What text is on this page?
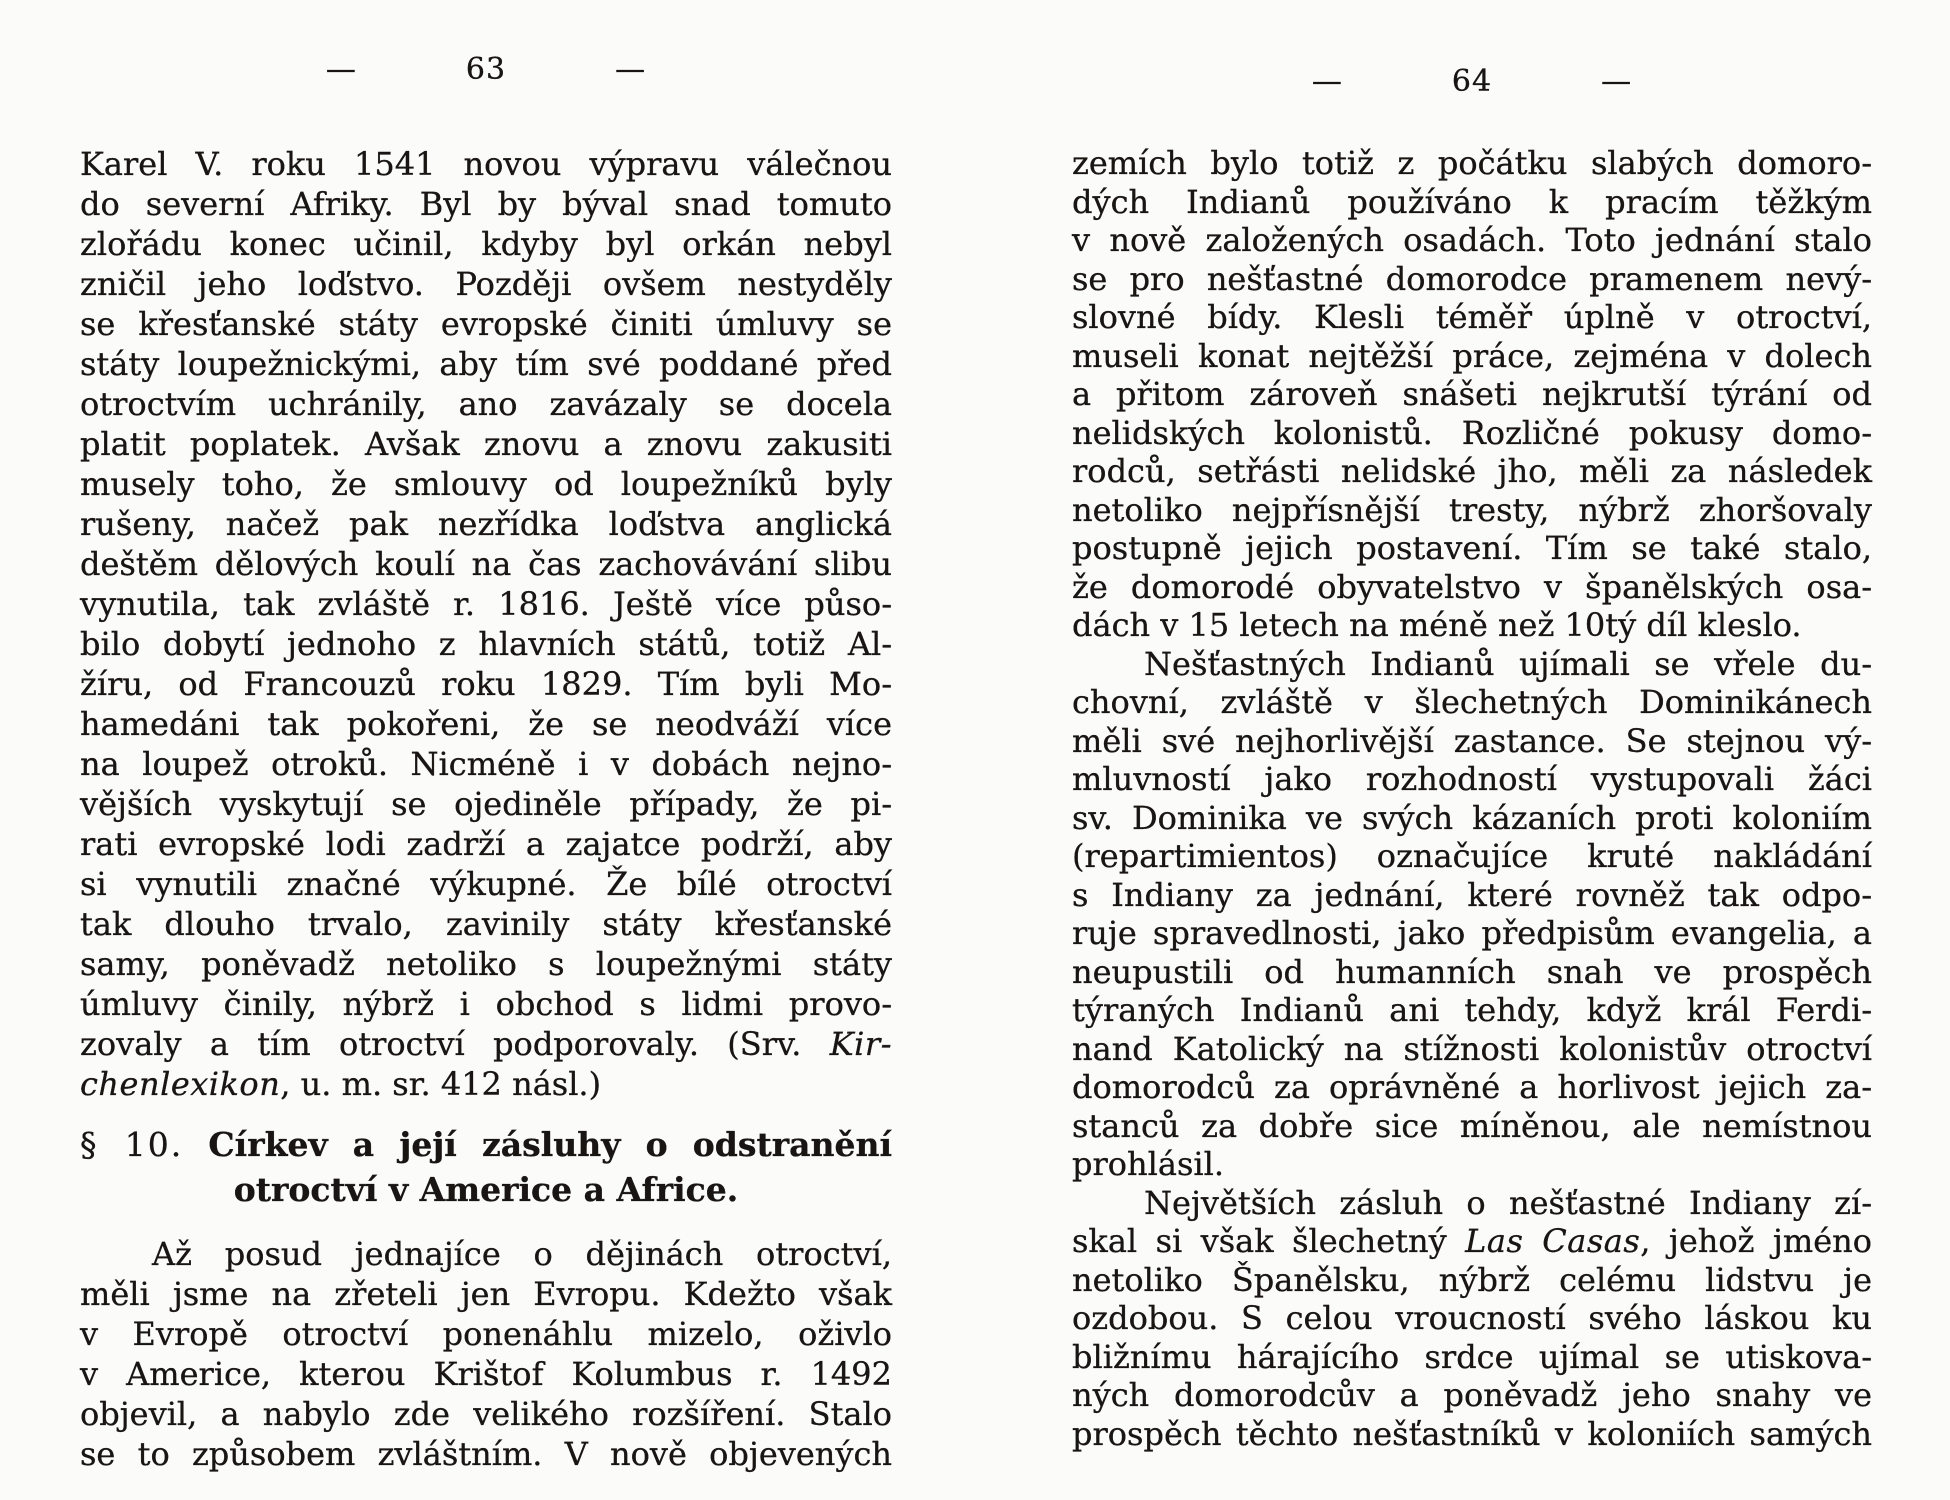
—  63  —
Karel V. roku 1541 novou výpravu válečnou
do severní Afriky. Byl by býval snad tomuto
zlořádu konec učinil, kdyby byl orkán nebyl
zničil jeho loďstvo. Později ovšem nestyděly
se křesťanské státy evropské činiti úmluvy se
státy loupežnickými, aby tím své poddané před
otroctvím uchránily, ano zavázaly se docela
platit poplatek. Avšak znovu a znovu zakusiti
musely toho, že smlouvy od loupežníků byly
rušeny, načež pak nezřídka loďstva anglická
deštěm dělových koulí na čas zachovávání slibu
vynutila, tak zvláště r. 1816. Ještě více půso-
bilo dobytí jednoho z hlavních států, totiž Al-
žíru, od Francouzů roku 1829. Tím byli Mo-
hamedáni tak pokořeni, že se neodváží více
na loupež otroků. Nicméně i v dobách nejno-
vějších vyskytují se ojediněle případy, že pi-
rati evropské lodi zadrží a zajatce podrží, aby
si vynutili značné výkupné. Že bílé otroctví
tak dlouho trvalo, zavinily státy křesťanské
samy, poněvadž netoliko s loupežnými státy
úmluvy činily, nýbrž i obchod s lidmi provo-
zovaly a tím otroctví podporovaly. (Srv. Kir-
chenlexikon, u. m. sr. 412 násl.)
§ 10. Církev a její zásluhy o odstranění
otroctví v Americe a Africe.
Až posud jednajíce o dějinách otroctví,
měli jsme na zřeteli jen Evropu. Kdežto však
v Evropě otroctví ponenáhlu mizelo, oživlo
v Americe, kterou Krištof Kolumbus r. 1492
objevil, a nabylo zde velikého rozšíření. Stalo
se to způsobem zvláštním. V nově objevených
—  64  —
zemích bylo totiž z počátku slabých domoro-
dých Indianů používáno k pracím těžkým
v nově založených osadách. Toto jednání stalo
se pro nešťastné domorodce pramenem nevý-
slovné bídy. Klesli téměř úplně v otroctví,
museli konat nejtěžší práce, zejména v dolech
a přitom zároveň snášeti nejkrutší týrání od
nelidských kolonistů. Rozličné pokusy domo-
rodců, setřásti nelidské jho, měli za následek
netoliko nejpřísnější tresty, nýbrž zhoršovaly
postupně jejich postavení. Tím se také stalo,
že domorodé obyvatelstvo v španělských osa-
dách v 15 letech na méně než 10tý díl kleslo.
Nešťastných Indianů ujímali se vřele du-
chovní, zvláště v šlechetných Dominikánech
měli své nejhorlivější zastance. Se stejnou vý-
mluvností jako rozhodností vystupovali žáci
sv. Dominika ve svých kázaních proti koloniím
(repartimientos) označujíce kruté nakládání
s Indiany za jednání, které rovněž tak odpo-
ruje spravedlnosti, jako předpisům evangelia, a
neupustili od humanních snah ve prospěch
týraných Indianů ani tehdy, když král Ferdi-
nand Katolický na stížnosti kolonistův otroctví
domorodců za oprávněné a horlivost jejich za-
stanců za dobře sice míněnou, ale nemístnou
prohlásil.
Největších zásluh o nešťastné Indiany zí-
skal si však šlechetný Las Casas, jehož jméno
netoliko Španělsku, nýbrž celému lidstvu je
ozdobou. S celou vroucností svého láskou ku
bližnímu hárajícího srdce ujímal se utiskova-
ných domorodcův a poněvadž jeho snahy ve
prospěch těchto nešťastníků v koloniích samých
